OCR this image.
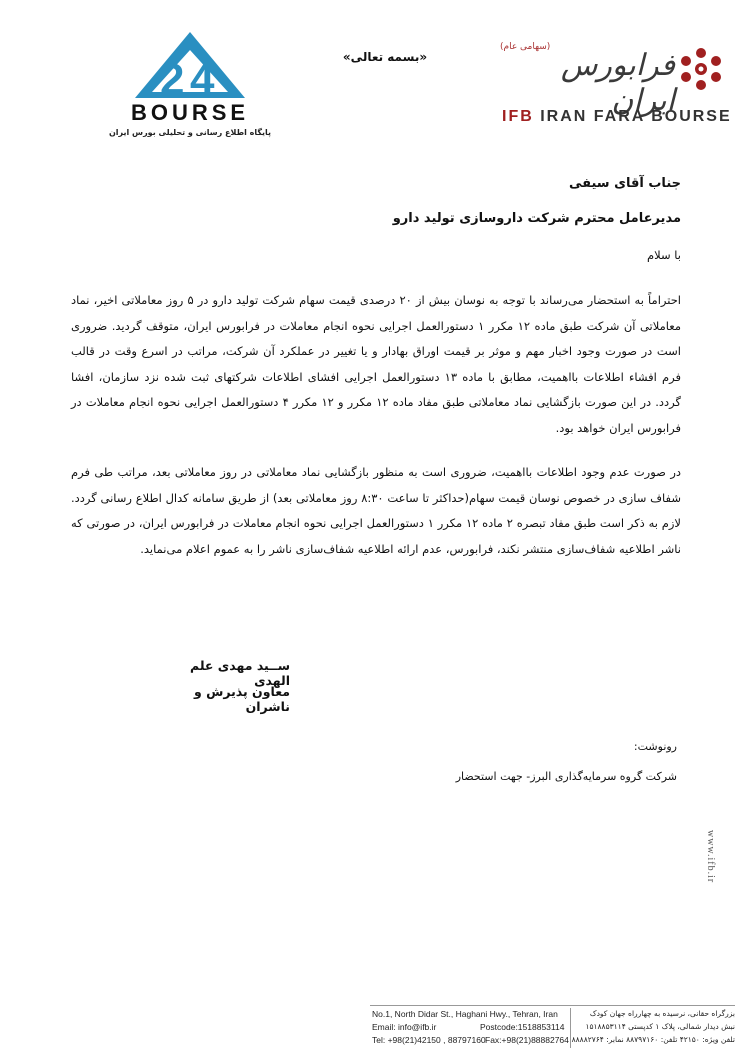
2 4
BOURSE
پایگاه اطلاع رسانی و تحلیلی بورس ایران
«بسمه تعالی»	فرابورس ایران
(سهامی عام)
IFB IRAN FARA BOURSE
جناب آقای سیفی
مدیرعامل محترم شرکت داروسازی تولید دارو
با سلام
احتراماً به استحضار می‌رساند با توجه به نوسان بیش از ۲۰ درصدی قیمت سهام شرکت تولید دارو در ۵ روز معاملاتی اخیر، نماد معاملاتی آن شرکت طبق ماده ۱۲ مکرر ۱ دستورالعمل اجرایی نحوه انجام معاملات در فرابورس ایران، متوقف گردید. ضروری است در صورت وجود اخبار مهم و موثر بر قیمت اوراق بهادار و یا تغییر در عملکرد آن شرکت، مراتب در اسرع وقت در قالب فرم افشاء اطلاعات بااهمیت، مطابق با ماده ۱۳ دستورالعمل اجرایی افشای اطلاعات شرکتهای ثبت شده نزد سازمان، افشا گردد. در این صورت بازگشایی نماد معاملاتی طبق مفاد ماده ۱۲ مکرر و ۱۲ مکرر ۴ دستورالعمل اجرایی نحوه انجام معاملات در فرابورس ایران خواهد بود.
در صورت عدم وجود اطلاعات بااهمیت، ضروری است به منظور بازگشایی نماد معاملاتی در روز معاملاتی بعد، مراتب طی فرم شفاف سازی در خصوص نوسان قیمت سهام(حداکثر تا ساعت ۸:۳۰ روز معاملاتی بعد) از طریق سامانه کدال اطلاع رسانی گردد. لازم به ذکر است طبق مفاد تبصره ۲ ماده ۱۲ مکرر ۱ دستورالعمل اجرایی نحوه انجام معاملات در فرابورس ایران، در صورتی که ناشر اطلاعیه شفاف‌سازی منتشر نکند، فرابورس، عدم ارائه اطلاعیه شفاف‌سازی ناشر را به عموم اعلام می‌نماید.
ســید مهدی علم الهدی
معاون پذیرش و ناشران
رونوشت:
شرکت گروه سرمایه‌گذاری البرز- جهت استحضار
www.ifb.ir
No.1, North Didar St., Haghani Hwy., Tehran, Iran
Email: info@ifb.ir	Postcode:1518853114
Tel: +98(21)42150 , 88797160 Fax:+98(21)88882764
بزرگراه حقانی، نرسیده به چهارراه جهان کودک
نبش دیدار شمالی، پلاک ۱ کدپستی ۱۵۱۸۸۵۳۱۱۴
تلفن ویژه: ۴۲۱۵۰ تلفن: ۸۸۷۹۷۱۶۰ نمابر: ۸۸۸۸۲۷۶۴
